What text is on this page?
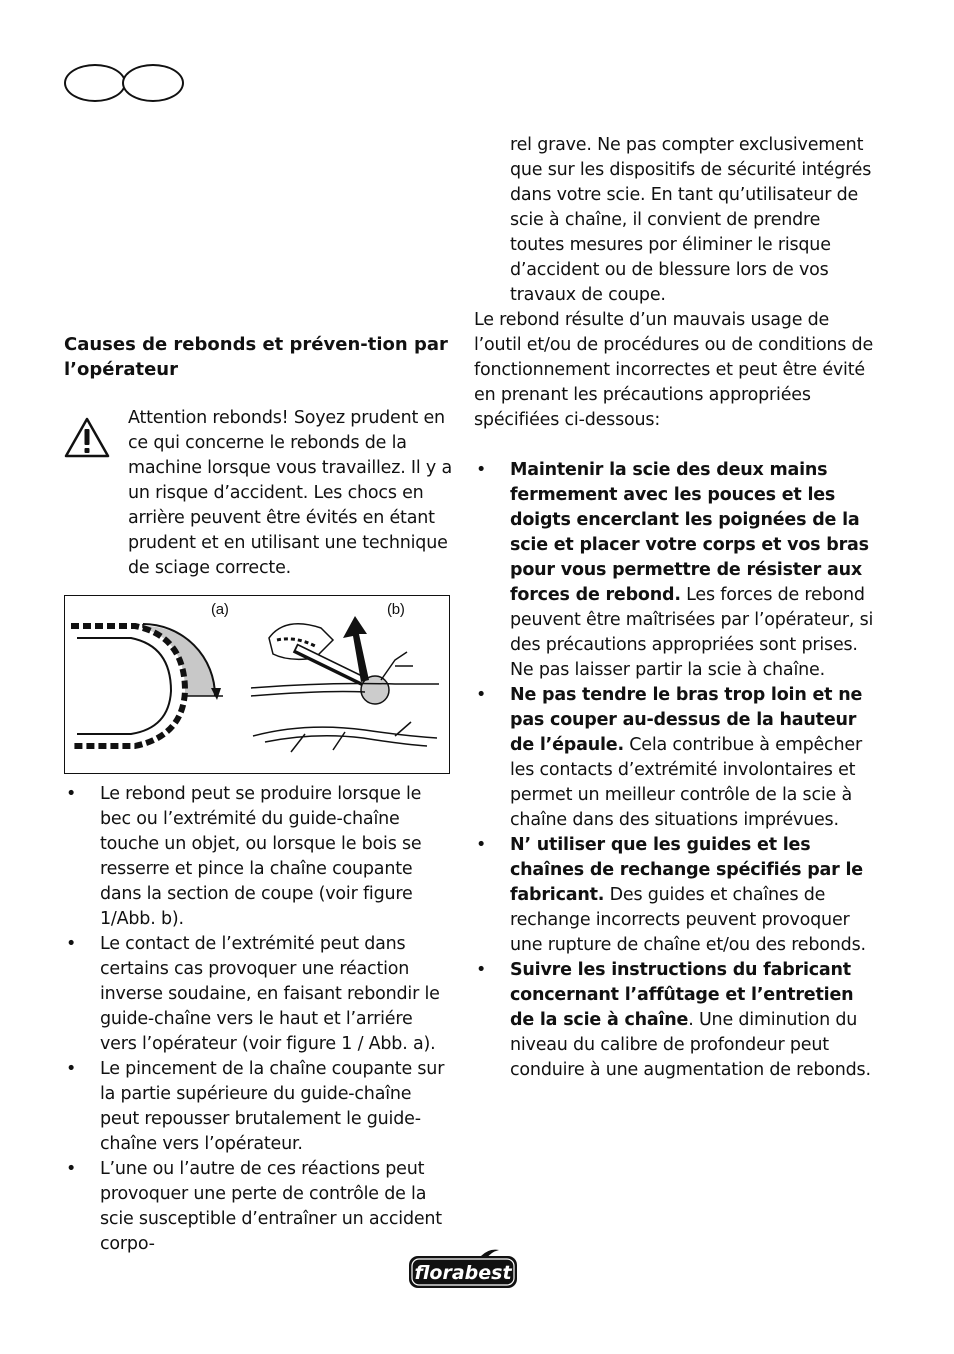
Causes de rebonds et préven-tion par l’opérateur

Attention rebonds! Soyez prudent en ce qui concerne le rebonds de la machine lorsque vous travaillez. Il y a un risque d’accident. Les chocs en arrière peuvent être évités en étant prudent et en utilisant une technique de sciage correcte.

(a)	(b)
• Le rebond peut se produire lorsque le bec ou l’extrémité du guide-chaîne touche un objet, ou lorsque le bois se resserre et pince la chaîne coupante dans la section de coupe (voir figure 1/Abb. b).
• Le contact de l’extrémité peut dans certains cas provoquer une réaction inverse soudaine, en faisant rebondir le guide-chaîne vers le haut et l’arriére vers l’opérateur (voir figure 1 / Abb. a).
• Le pincement de la chaîne coupante sur la partie supérieure du guide-chaîne peut repousser brutalement le guide-chaîne vers l’opérateur.
• L’une ou l’autre de ces réactions peut provoquer une perte de contrôle de la scie susceptible d’entraîner un accident corpo-

rel grave. Ne pas compter exclusivement que sur les dispositifs de sécurité intégrés dans votre scie. En tant qu’utilisateur de scie à chaîne, il convient de prendre toutes mesures por éliminer le risque d’accident ou de blessure lors de vos travaux de coupe.

Le rebond résulte d’un mauvais usage de l’outil et/ou de procédures ou de conditions de fonctionnement incorrectes et peut être évité en prenant les précautions appropriées spécifiées ci-dessous:

• Maintenir la scie des deux mains fermement avec les pouces et les doigts encerclant les poignées de la scie et placer votre corps et vos bras pour vous permettre de résister aux forces de rebond. Les forces de rebond peuvent être maîtrisées par l’opérateur, si des précautions appropriées sont prises. Ne pas laisser partir la scie à chaîne.
• Ne pas tendre le bras trop loin et ne pas couper au-dessus de la hauteur de l’épaule. Cela contribue à empêcher les contacts d’extrémité involontaires et permet un meilleur contrôle de la scie à chaîne dans des situations imprévues.
• N’ utiliser que les guides et les chaînes de rechange spécifiés par le fabricant. Des guides et chaînes de rechange incorrects peuvent provoquer une rupture de chaîne et/ou des rebonds.
• Suivre les instructions du fabricant concernant l’affûtage et l’entretien de la scie à chaîne. Une diminution du niveau du calibre de profondeur peut conduire à une augmentation de rebonds.
florabest
